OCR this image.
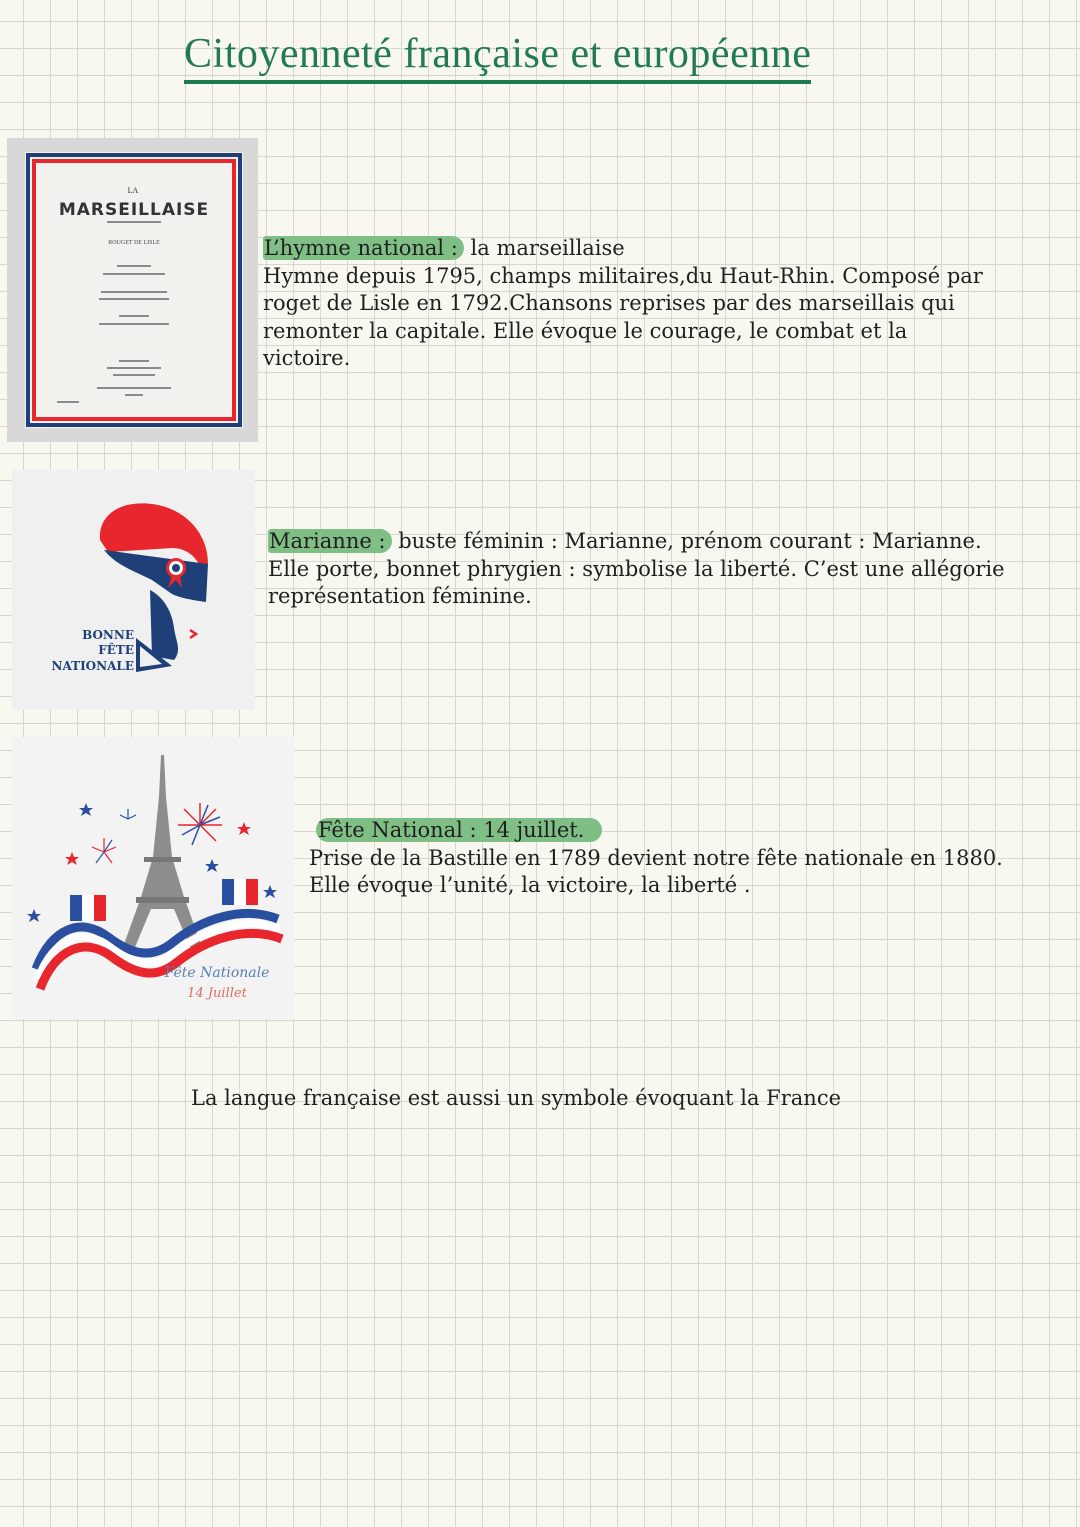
Citoyenneté française et européenne
LA
MARSEILLAISE
ROUGET DE LISLE	L’hymne national : la marseillaise

Hymne depuis 1795, champs militaires,du Haut-Rhin. Composé par

roget de Lisle en 1792.Chansons reprises par des marseillais qui

remonter la capitale. Elle évoque le courage, le combat et la

victoire.

BONNE
FÊTE
NATIONALE

Marianne : buste féminin : Marianne, prénom courant : Marianne.

Elle porte, bonnet phrygien : symbolise la liberté. C’est une allégorie

représentation féminine.

Fête Nationale
14 Juillet

Fête National : 14 juillet.

Prise de la Bastille en 1789 devient notre fête nationale en 1880.

Elle évoque l’unité, la victoire, la liberté .

La langue française est aussi un symbole évoquant la France
